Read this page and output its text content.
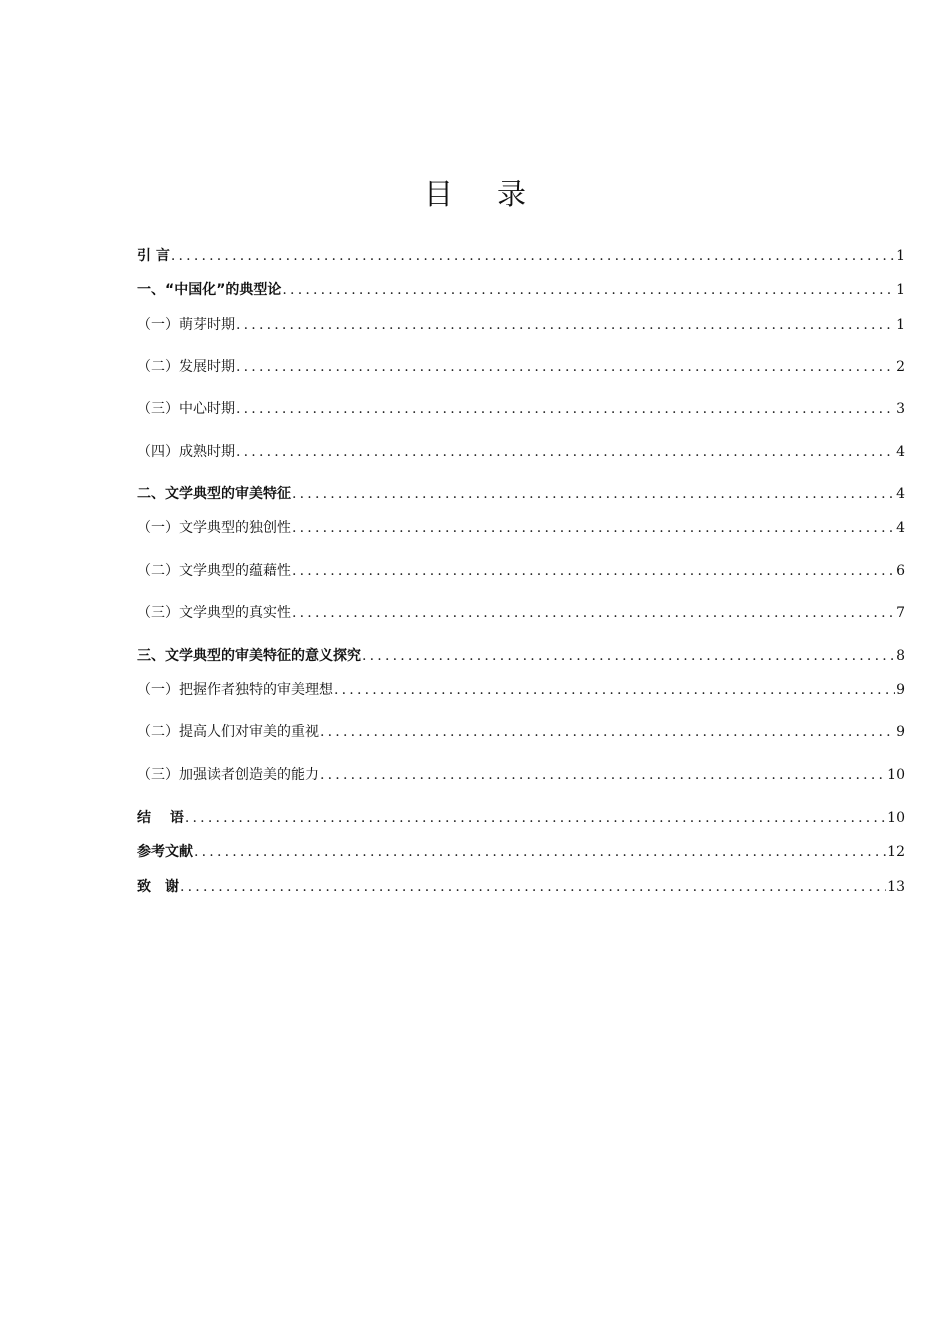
目 录
引 言 .....	1
一、“中国化”的典型论 .....	1
（一）萌芽时期 .....	1
（二）发展时期 .....	2
（三）中心时期 .....	3
（四）成熟时期 .....	4
二、文学典型的审美特征 .....	4
（一）文学典型的独创性 .....	4
（二）文学典型的蕴藉性 .....	6
（三）文学典型的真实性 .....	7
三、文学典型的审美特征的意义探究 .....	8
（一）把握作者独特的审美理想 .....	9
（二）提高人们对审美的重视 .....	9
（三）加强读者创造美的能力 .....	10
结　 语 .....	10
参考文献 .....	12
致　谢 .....	13
